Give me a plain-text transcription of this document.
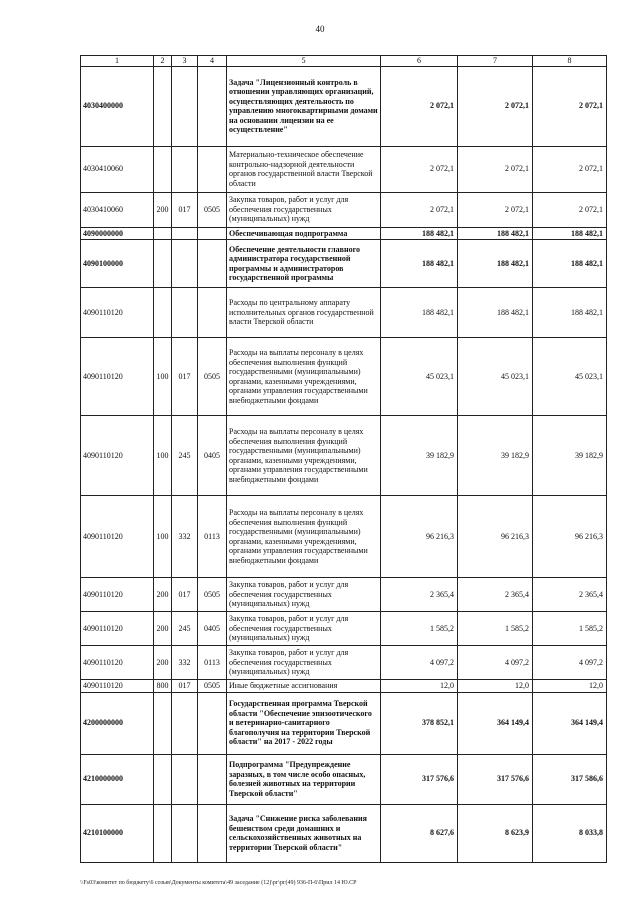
40
1	2	3	4	5	6	7	8
4030400000				Задача "Лицензионный контроль в отношении управляющих организаций, осуществляющих деятельность по управлению многоквартирными домами на основании лицензии на ее осуществление"	2 072,1	2 072,1	2 072,1
4030410060				Материально-техническое обеспечение контрольно-надзорной деятельности органов государственной власти Тверской области	2 072,1	2 072,1	2 072,1
4030410060	200	017	0505	Закупка товаров, работ и услуг для обеспечения государственных (муниципальных) нужд	2 072,1	2 072,1	2 072,1
4090000000				Обеспечивающая подпрограмма	188 482,1	188 482,1	188 482,1
4090100000				Обеспечение деятельности главного администратора государственной программы и администраторов государственной программы	188 482,1	188 482,1	188 482,1
4090110120				Расходы по центральному аппарату исполнительных органов государственной власти Тверской области	188 482,1	188 482,1	188 482,1
4090110120	100	017	0505	Расходы на выплаты персоналу в целях обеспечения выполнения функций государственными (муниципальными) органами, казенными учреждениями, органами управления государственными внебюджетными фондами	45 023,1	45 023,1	45 023,1
4090110120	100	245	0405	Расходы на выплаты персоналу в целях обеспечения выполнения функций государственными (муниципальными) органами, казенными учреждениями, органами управления государственными внебюджетными фондами	39 182,9	39 182,9	39 182,9
4090110120	100	332	0113	Расходы на выплаты персоналу в целях обеспечения выполнения функций государственными (муниципальными) органами, казенными учреждениями, органами управления государственными внебюджетными фондами	96 216,3	96 216,3	96 216,3
4090110120	200	017	0505	Закупка товаров, работ и услуг для обеспечения государственных (муниципальных) нужд	2 365,4	2 365,4	2 365,4
4090110120	200	245	0405	Закупка товаров, работ и услуг для обеспечения государственных (муниципальных) нужд	1 585,2	1 585,2	1 585,2
4090110120	200	332	0113	Закупка товаров, работ и услуг для обеспечения государственных (муниципальных) нужд	4 097,2	4 097,2	4 097,2
4090110120	800	017	0505	Иные бюджетные ассигнования	12,0	12,0	12,0
4200000000				Государственная программа Тверской области "Обеспечение эпизоотического и ветеринарно-санитарного благополучия на территории Тверской области" на 2017 - 2022 годы	378 852,1	364 149,4	364 149,4
4210000000				Подпрограмма "Предупреждение заразных, в том числе особо опасных, болезней животных на территории Тверской области"	317 576,6	317 576,6	317 586,6
4210100000				Задача "Снижение риска заболевания бешенством среди домашних и сельскохозяйственных животных на территории Тверской области"	8 627,6	8 623,9	8 033,8
\\Fs03\комитет по бюджету\6 созыв\Документы комитета\49 заседание (12)\рг\рг(49) 936-П-6\Прил 14 Ю.СР
